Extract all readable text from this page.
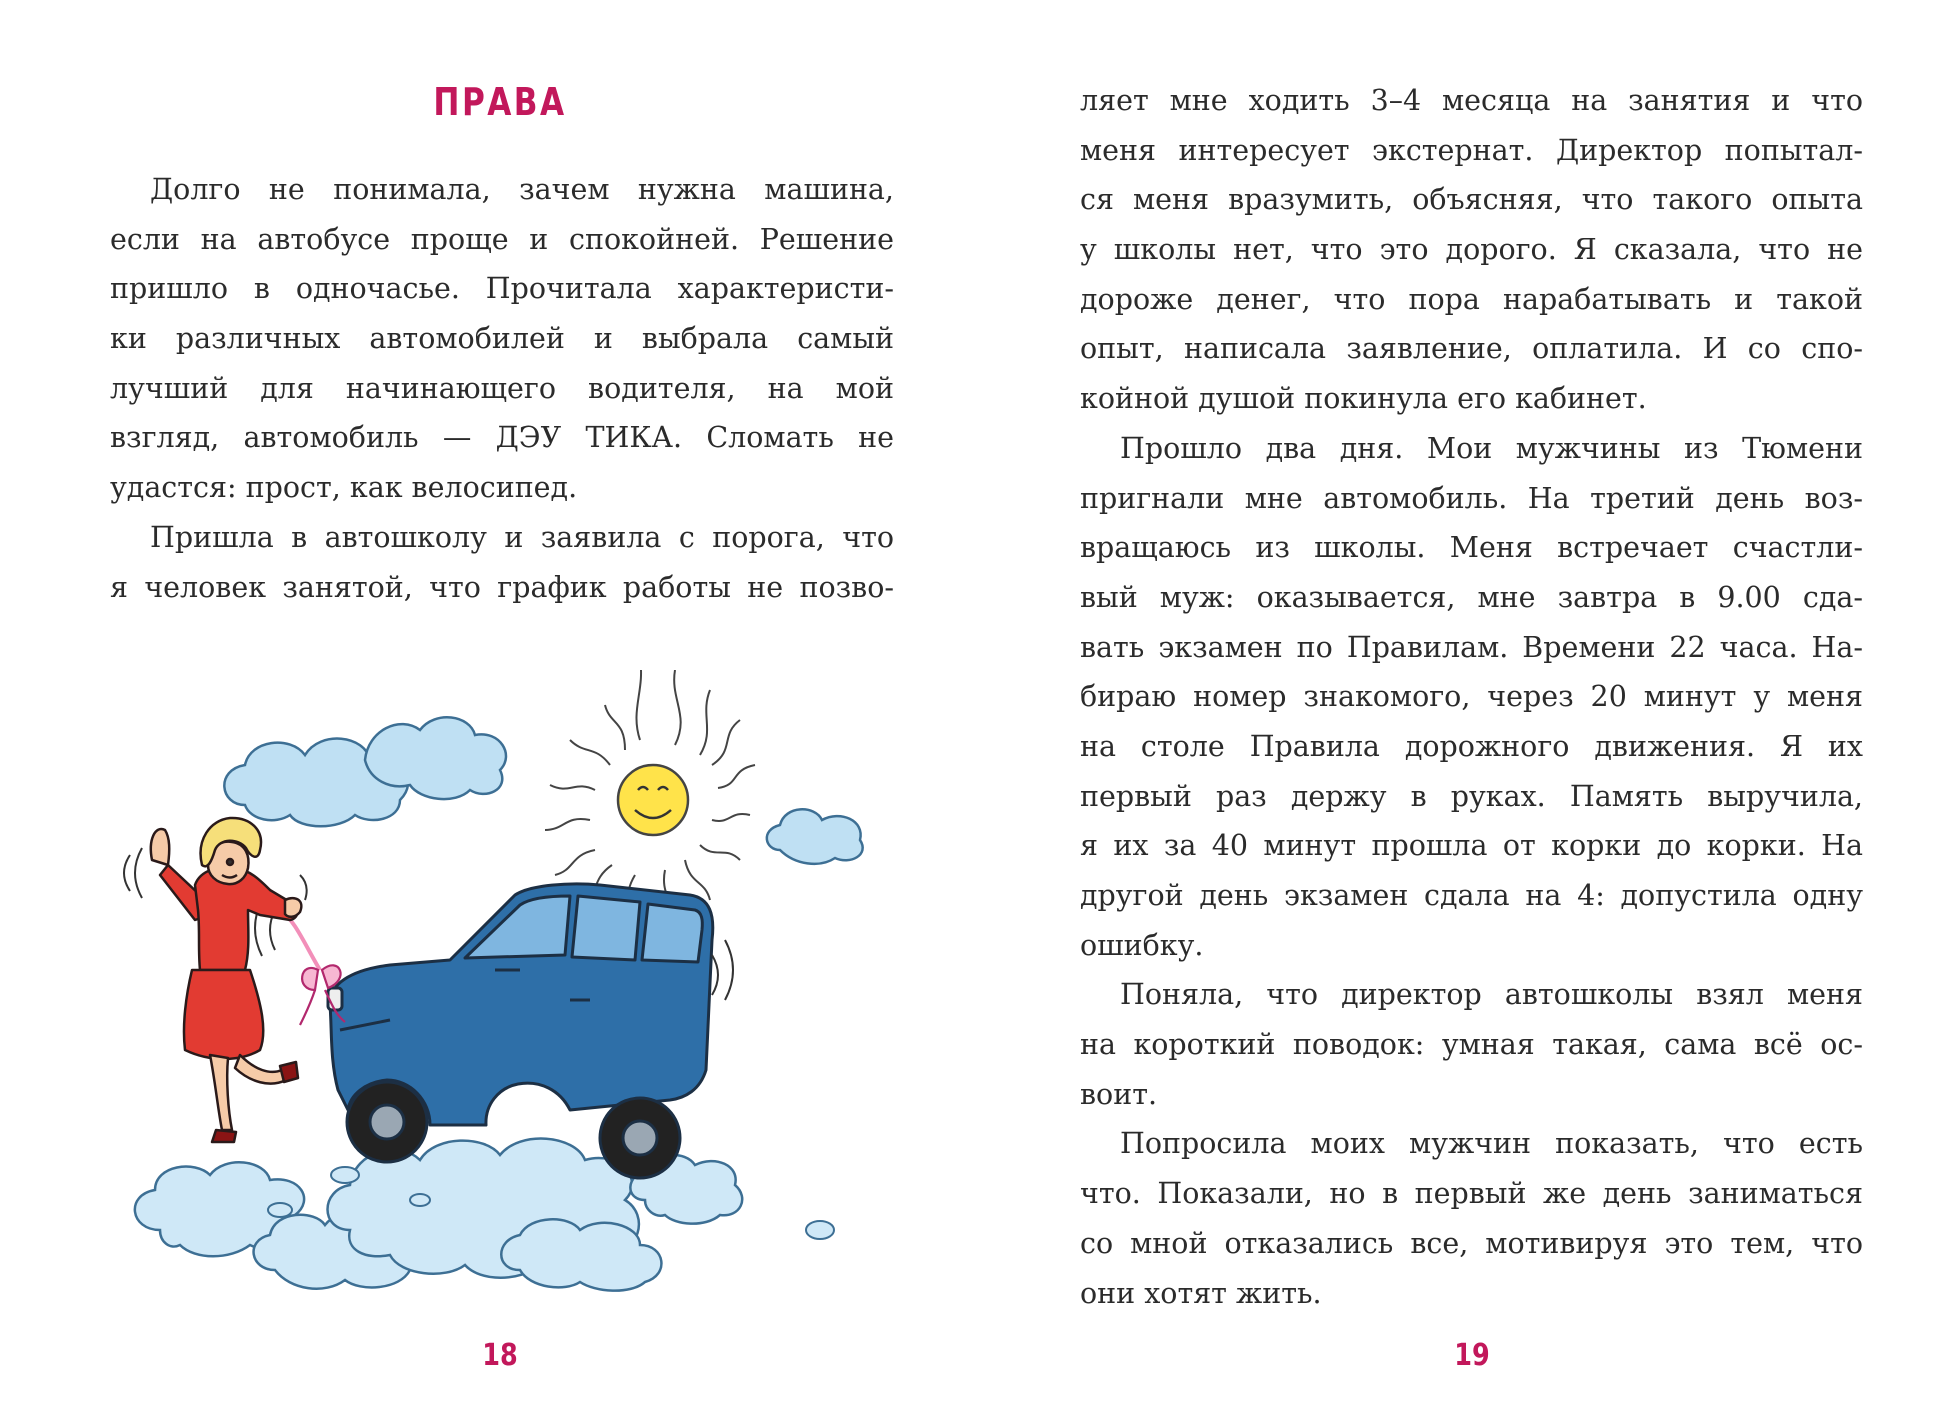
ПРАВА
Долго не понимала, зачем нужна машина,
если на автобусе проще и спокойней. Решение
пришло в одночасье. Прочитала характеристи-
ки различных автомобилей и выбрала самый
лучший для начинающего водителя, на мой
взгляд, автомобиль — ДЭУ ТИКА. Сломать не
удастся: прост, как велосипед.
Пришла в автошколу и заявила с порога, что
я человек занятой, что график работы не позво-
18
ляет мне ходить 3–4 месяца на занятия и что
меня интересует экстернат. Директор попытал-
ся меня вразумить, объясняя, что такого опыта
у школы нет, что это дорого. Я сказала, что не
дороже денег, что пора нарабатывать и такой
опыт, написала заявление, оплатила. И со спо-
койной душой покинула его кабинет.
Прошло два дня. Мои мужчины из Тюмени
пригнали мне автомобиль. На третий день воз-
вращаюсь из школы. Меня встречает счастли-
вый муж: оказывается, мне завтра в 9.00 сда-
вать экзамен по Правилам. Времени 22 часа. На-
бираю номер знакомого, через 20 минут у меня
на столе Правила дорожного движения. Я их
первый раз держу в руках. Память выручила,
я их за 40 минут прошла от корки до корки. На
другой день экзамен сдала на 4: допустила одну
ошибку.
Поняла, что директор автошколы взял меня
на короткий поводок: умная такая, сама всё ос-
воит.
Попросила моих мужчин показать, что есть
что. Показали, но в первый же день заниматься
со мной отказались все, мотивируя это тем, что
они хотят жить.
19
